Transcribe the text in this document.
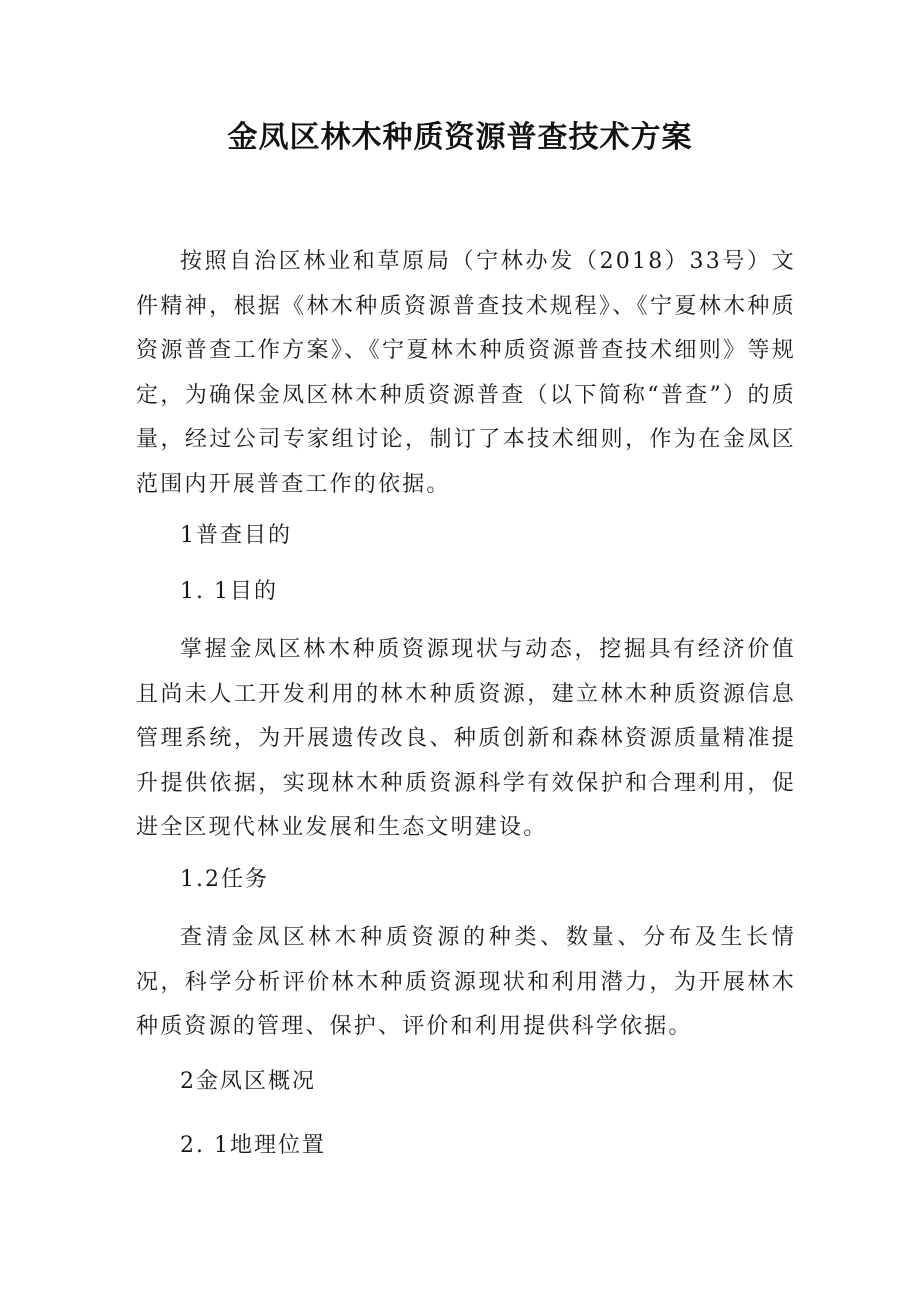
金凤区林木种质资源普查技术方案

按照自治区林业和草原局（宁林办发（2018）33号）文件精神，根据《林木种质资源普查技术规程》、《宁夏林木种质资源普查工作方案》、《宁夏林木种质资源普查技术细则》等规定，为确保金凤区林木种质资源普查（以下简称“普查”）的质量，经过公司专家组讨论，制订了本技术细则，作为在金凤区范围内开展普查工作的依据。

1普查目的
1. 1目的

掌握金凤区林木种质资源现状与动态，挖掘具有经济价值且尚未人工开发利用的林木种质资源，建立林木种质资源信息管理系统，为开展遗传改良、种质创新和森林资源质量精准提升提供依据，实现林木种质资源科学有效保护和合理利用，促进全区现代林业发展和生态文明建设。

1.2任务

查清金凤区林木种质资源的种类、数量、分布及生长情况，科学分析评价林木种质资源现状和利用潜力，为开展林木种质资源的管理、保护、评价和利用提供科学依据。

2金凤区概况
2. 1地理位置
